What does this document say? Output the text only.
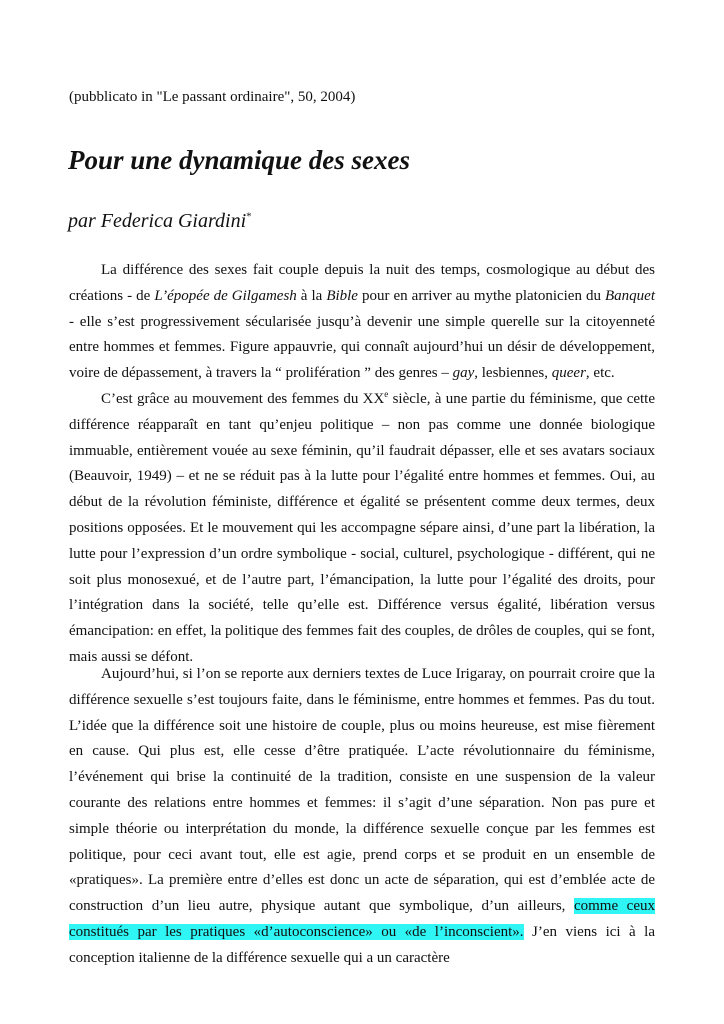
(pubblicato in "Le passant ordinaire", 50, 2004)
Pour une dynamique des sexes
par Federica Giardini*

La différence des sexes fait couple depuis la nuit des temps, cosmologique au début des créations - de L’épopée de Gilgamesh à la Bible pour en arriver au mythe platonicien du Banquet - elle s’est progressivement sécularisée jusqu’à devenir une simple querelle sur la citoyenneté entre hommes et femmes. Figure appauvrie, qui connaît aujourd’hui un désir de développement, voire de dépassement, à travers la “ prolifération ” des genres – gay, lesbiennes, queer, etc.

C’est grâce au mouvement des femmes du XXe siècle, à une partie du féminisme, que cette différence réapparaît en tant qu’enjeu politique – non pas comme une donnée biologique immuable, entièrement vouée au sexe féminin, qu’il faudrait dépasser, elle et ses avatars sociaux (Beauvoir, 1949) – et ne se réduit pas à la lutte pour l’égalité entre hommes et femmes. Oui, au début de la révolution féministe, différence et égalité se présentent comme deux termes, deux positions opposées. Et le mouvement qui les accompagne sépare ainsi, d’une part la libération, la lutte pour l’expression d’un ordre symbolique - social, culturel, psychologique - différent, qui ne soit plus monosexué, et de l’autre part, l’émancipation, la lutte pour l’égalité des droits, pour l’intégration dans la société, telle qu’elle est. Différence versus égalité, libération versus émancipation: en effet, la politique des femmes fait des couples, de drôles de couples, qui se font, mais aussi se défont.

Aujourd’hui, si l’on se reporte aux derniers textes de Luce Irigaray, on pourrait croire que la différence sexuelle s’est toujours faite, dans le féminisme, entre hommes et femmes. Pas du tout. L’idée que la différence soit une histoire de couple, plus ou moins heureuse, est mise fièrement en cause. Qui plus est, elle cesse d’être pratiquée. L’acte révolutionnaire du féminisme, l’événement qui brise la continuité de la tradition, consiste en une suspension de la valeur courante des relations entre hommes et femmes: il s’agit d’une séparation. Non pas pure et simple théorie ou interprétation du monde, la différence sexuelle conçue par les femmes est politique, pour ceci avant tout, elle est agie, prend corps et se produit en un ensemble de «pratiques». La première entre d’elles est donc un acte de séparation, qui est d’emblée acte de construction d’un lieu autre, physique autant que symbolique, d’un ailleurs, comme ceux constitués par les pratiques «d’autoconscience» ou «de l’inconscient». J’en viens ici à la conception italienne de la différence sexuelle qui a un caractère
